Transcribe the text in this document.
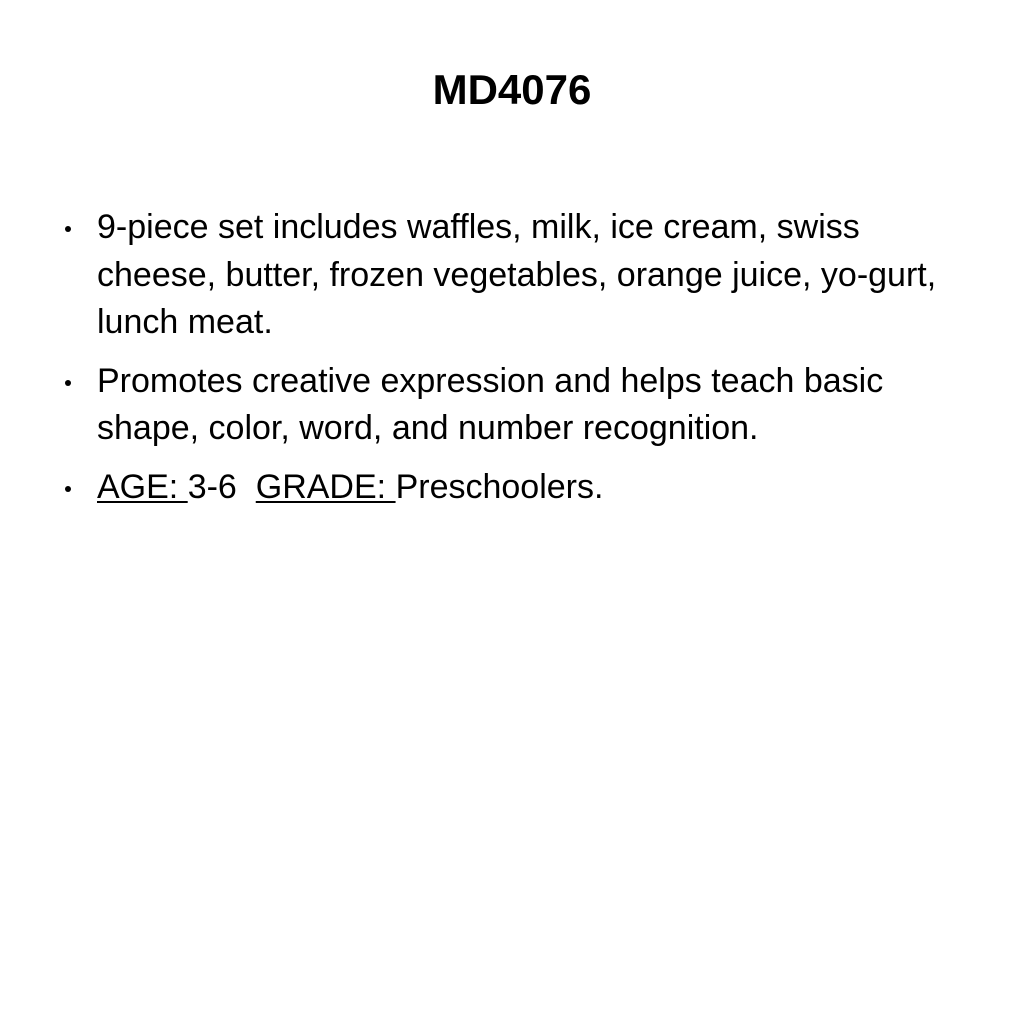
MD4076
9-piece set includes waffles, milk, ice cream, swiss cheese, butter, frozen vegetables, orange juice, yo-gurt, lunch meat.
Promotes creative expression and helps teach basic shape, color, word, and number recognition.
AGE: 3-6 GRADE: Preschoolers.
